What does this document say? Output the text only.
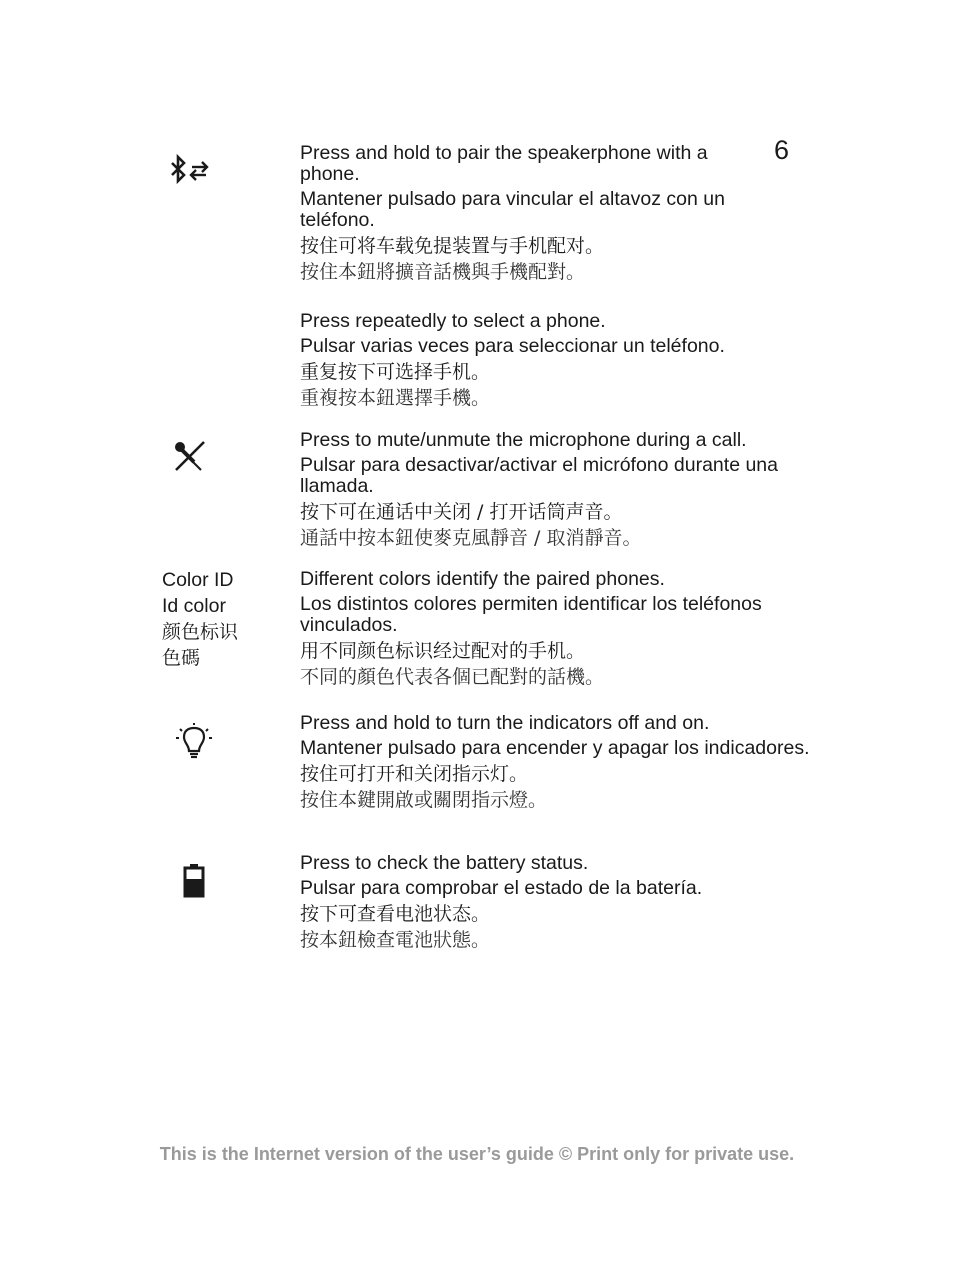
6

Press and hold to pair the speakerphone with a phone.

Mantener pulsado para vincular el altavoz con un teléfono.

按住可将车载免提装置与手机配对。

按住本鈕將擴音話機與手機配對。

Press repeatedly to select a phone.

Pulsar varias veces para seleccionar un teléfono.

重复按下可选择手机。

重複按本鈕選擇手機。

Press to mute/unmute the microphone during a call.

Pulsar para desactivar/activar el micrófono durante una llamada.

按下可在通话中关闭 / 打开话筒声音。

通話中按本鈕使麥克風靜音 / 取消靜音。

Color ID
Id color
颜色标识
色碼

Different colors identify the paired phones.

Los distintos colores permiten identificar los teléfonos vinculados.

用不同颜色标识经过配对的手机。

不同的顏色代表各個已配對的話機。

Press and hold to turn the indicators off and on.

Mantener pulsado para encender y apagar los indicadores.

按住可打开和关闭指示灯。

按住本鍵開啟或關閉指示燈。

Press to check the battery status.

Pulsar para comprobar el estado de la batería.

按下可查看电池状态。

按本鈕檢查電池狀態。

This is the Internet version of the user’s guide © Print only for private use.
